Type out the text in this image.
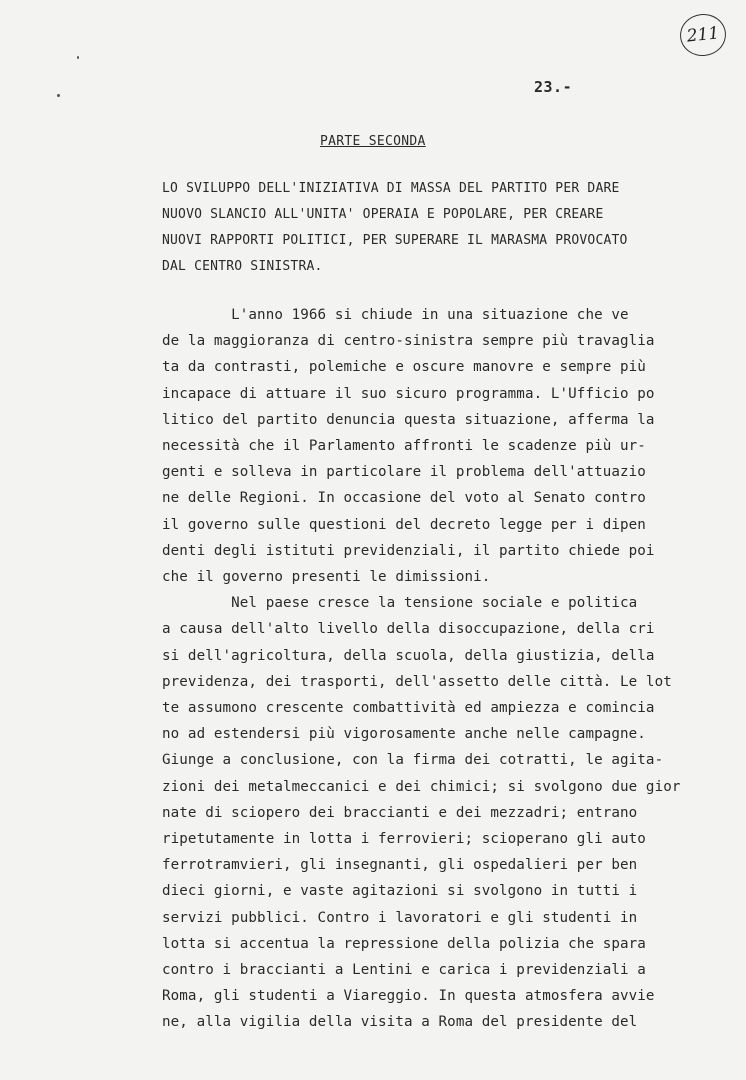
211
23.-
PARTE SECONDA
LO SVILUPPO DELL'INIZIATIVA DI MASSA DEL PARTITO PER DARE
NUOVO SLANCIO ALL'UNITA' OPERAIA E POPOLARE, PER CREARE
NUOVI RAPPORTI POLITICI, PER SUPERARE IL MARASMA PROVOCATO
DAL CENTRO SINISTRA.
L'anno 1966 si chiude in una situazione che ve
de la maggioranza di centro-sinistra sempre più travaglia
ta da contrasti, polemiche e oscure manovre e sempre più
incapace di attuare il suo sicuro programma. L'Ufficio po
litico del partito denuncia questa situazione, afferma la
necessità che il Parlamento affronti le scadenze più ur-
genti e solleva in particolare il problema dell'attuazio
ne delle Regioni. In occasione del voto al Senato contro
il governo sulle questioni del decreto legge per i dipen
denti degli istituti previdenziali, il partito chiede poi
che il governo presenti le dimissioni.
Nel paese cresce la tensione sociale e politica
a causa dell'alto livello della disoccupazione, della cri
si dell'agricoltura, della scuola, della giustizia, della
previdenza, dei trasporti, dell'assetto delle città. Le lot
te assumono crescente combattività ed ampiezza e comincia
no ad estendersi più vigorosamente anche nelle campagne.
Giunge a conclusione, con la firma dei cotratti, le agita-
zioni dei metalmeccanici e dei chimici; si svolgono due gior
nate di sciopero dei braccianti e dei mezzadri; entrano
ripetutamente in lotta i ferrovieri; scioperano gli auto
ferrotramvieri, gli insegnanti, gli ospedalieri per ben
dieci giorni, e vaste agitazioni si svolgono in tutti i
servizi pubblici. Contro i lavoratori e gli studenti in
lotta si accentua la repressione della polizia che spara
contro i braccianti a Lentini e carica i previdenziali a
Roma, gli studenti a Viareggio. In questa atmosfera avvie
ne, alla vigilia della visita a Roma del presidente del
